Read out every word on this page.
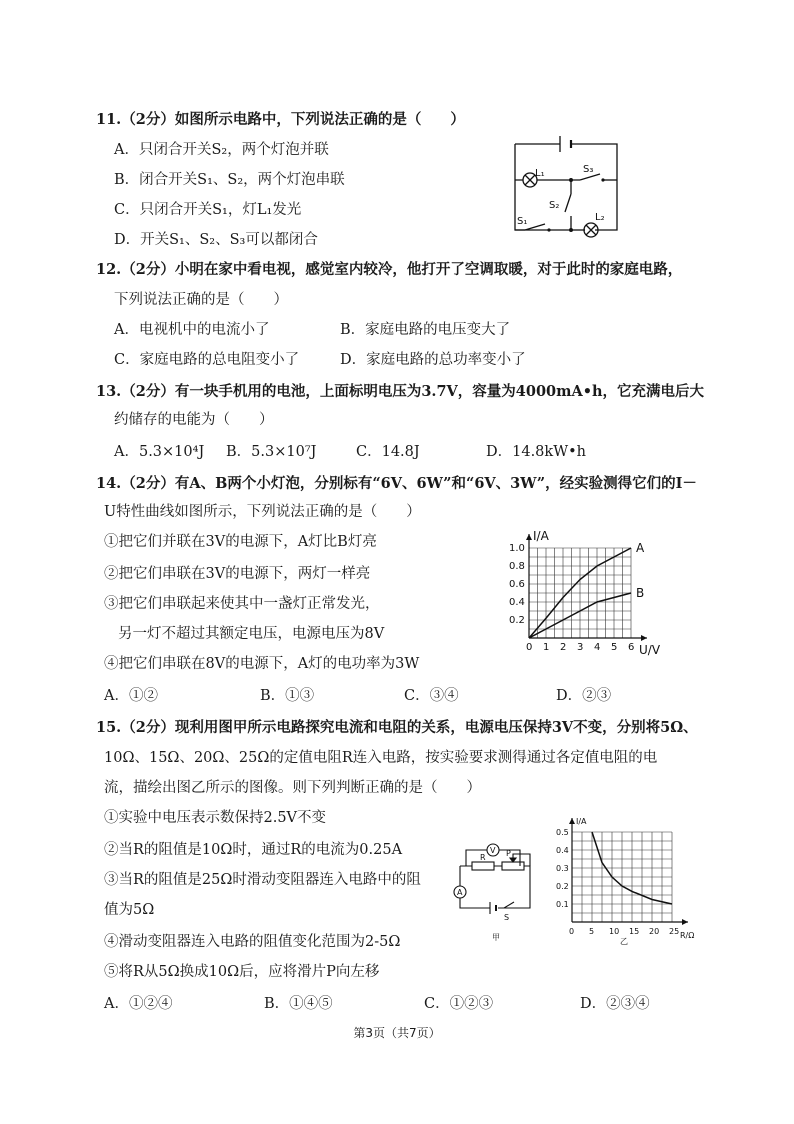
11.（2分）如图所示电路中，下列说法正确的是（　　）
A．只闭合开关S₂，两个灯泡并联
B．闭合开关S₁、S₂，两个灯泡串联
C．只闭合开关S₁，灯L₁发光
D．开关S₁、S₂、S₃可以都闭合
L₁	S₃
S₂
S₁	L₂
12.（2分）小明在家中看电视，感觉室内较冷，他打开了空调取暖，对于此时的家庭电路，
下列说法正确的是（　　）
A．电视机中的电流小了	B．家庭电路的电压变大了
C．家庭电路的总电阻变小了	D．家庭电路的总功率变小了
13.（2分）有一块手机用的电池，上面标明电压为3.7V，容量为4000mA•h，它充满电后大
约储存的电能为（　　）
A．5.3×10⁴J B．5.3×10⁷J	C．14.8J	D．14.8kW•h
14.（2分）有A、B两个小灯泡，分别标有“6V、6W”和“6V、3W”，经实验测得它们的I－
U特性曲线如图所示，下列说法正确的是（　　）
①把它们并联在3V的电源下，A灯比B灯亮
②把它们串联在3V的电源下，两灯一样亮
③把它们串联起来使其中一盏灯正常发光，
另一灯不超过其额定电压，电源电压为8V
④把它们串联在8V的电源下，A灯的电功率为3W
A．①②	B．①③	C．③④	D．②③
0 1 2 3 4 5 6
1.0
0.8
0.6
0.4
0.2
U/V
I/A
A
B
15.（2分）现利用图甲所示电路探究电流和电阻的关系，电源电压保持3V不变，分别将5Ω、
10Ω、15Ω、20Ω、25Ω的定值电阻R连入电路，按实验要求测得通过各定值电阻的电
流，描绘出图乙所示的图像。则下列判断正确的是（　　）
①实验中电压表示数保持2.5V不变
②当R的阻值是10Ω时，通过R的电流为0.25A
③当R的阻值是25Ω时滑动变阻器连入电路中的阻
值为5Ω
④滑动变阻器连入电路的阻值变化范围为2-5Ω
⑤将R从5Ω换成10Ω后，应将滑片P向左移
A．①②④	B．①④⑤	C．①②③	D．②③④
V
A
R	P
S
甲
0 5 10 15 20 25
0.5
0.4
0.3
0.2
0.1
R/Ω
I/A
乙
第3页（共7页）
